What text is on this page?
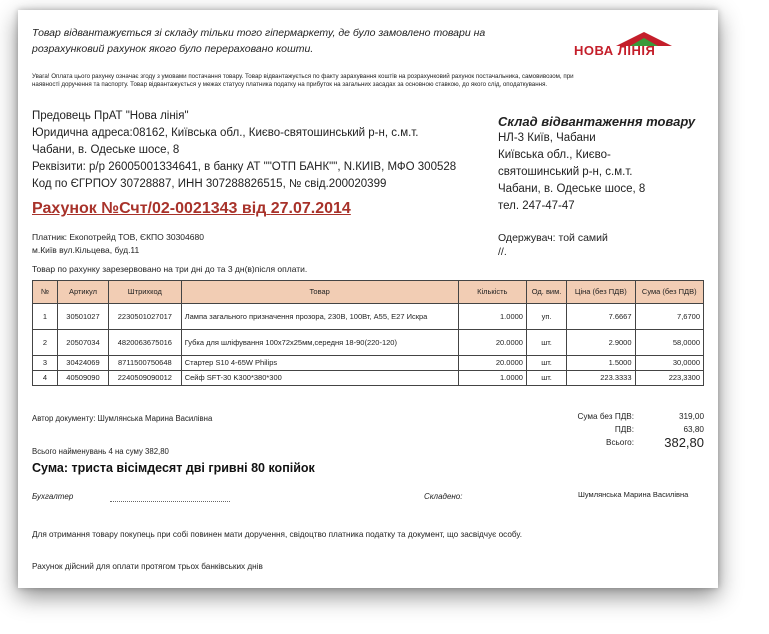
Товар відвантажується зі складу тільки того гіпермаркету, де було замовлено товари на
розрахунковий рахунок якого було перераховано кошти.	НОВА ЛІНІЯ
Увага! Оплата цього рахунку означає згоду з умовами постачання товару. Товар відвантажується по факту зарахування коштів на розрахунковий рахунок постачальника, самовивозом, при наявності доручення та паспорту. Товар відвантажується у межах статусу платника податку на прибуток на загальних засадах за основною ставкою, до якого слід, оподаткування.
Предовець ПрАТ "Нова лінія"
Юридична адреса:08162, Київська обл., Києво-святошинський р-н, с.м.т.
Чабани, в. Одеське шосе, 8
Реквізити: р/р 26005001334641, в банку АТ ""ОТП БАНК"", N.КИІВ, МФО 300528
Код по ЄГРПОУ 30728887, ИНН 307288826515, № свід.200020399
Склад відвантаження товару
НЛ-3 Київ, Чабани
Київська обл., Києво-
святошинський р-н, с.м.т.
Чабани, в. Одеське шосе, 8
тел. 247-47-47
Рахунок №Счт/02-0021343 від 27.07.2014
Платник: Екопотрейд ТОВ, ЄКПО 30304680
м.Київ вул.Кільцева, буд.11
Одержувач: той самий
//.
Товар по рахунку зарезервовано на три дні до та 3 дн(в)після оплати.
№	Артикул	Штрихкод	Товар	Кількість	Од. вим.	Ціна (без ПДВ)	Сума (без ПДВ)
1	30501027	2230501027017	Лампа загального призначення прозора, 230В, 100Вт, А55, Е27 Искра	1.0000	уп.	7.6667	7,6700
2	20507034	4820063675016	Губка для шліфування 100x72x25мм,середня 18-90(220-120)	20.0000	шт.	2.9000	58,0000
3	30424069	8711500750648	Стартер S10 4-65W Philips	20.0000	шт.	1.5000	30,0000
4	40509090	2240509090012	Сейф SFT-30 K300*380*300	1.0000	шт.	223.3333	223,3300
Автор документу: Шумлянська Марина Василівна	Сума без ПДВ:	319,00
ПДВ:	63,80
Всього:	382,80
Всього найменувань 4 на суму 382,80
Сума: триста вісімдесят дві гривні 80 копійок
Бухгалтер	Складено:	Шумлянська Марина Василівна
Для отримання товару покупець при собі повинен мати доручення, свідоцтво платника податку та документ, що засвідчує особу.
Рахунок дійсний для оплати протягом трьох банківських днів
